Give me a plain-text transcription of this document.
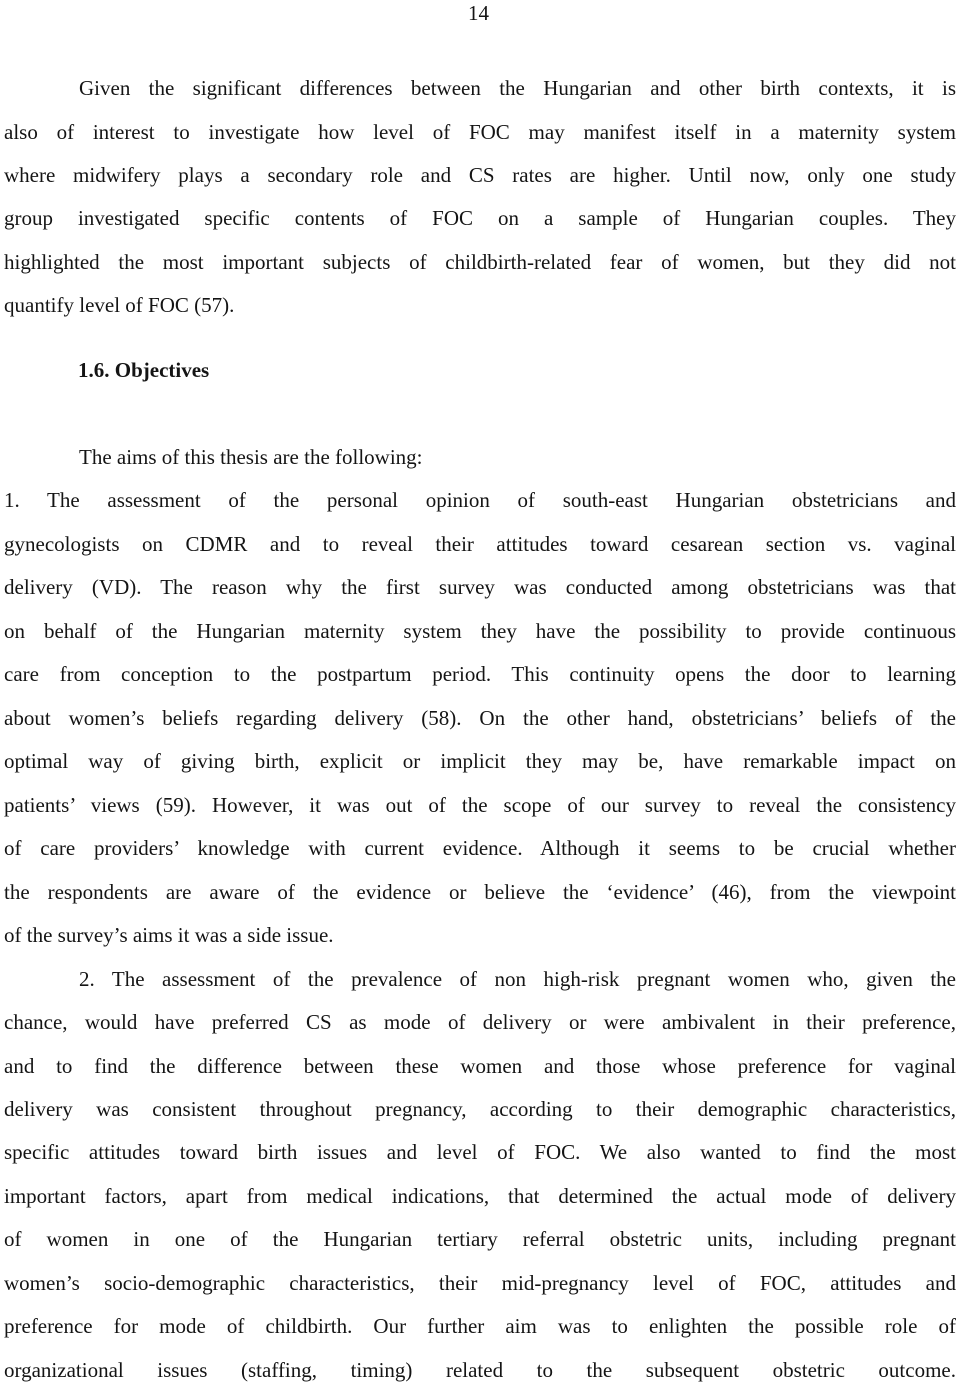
14
Given the significant differences between the Hungarian and other birth contexts, it is
also of interest to investigate how level of FOC may manifest itself in a maternity system
where midwifery plays a secondary role and CS rates are higher. Until now, only one study
group investigated specific contents of FOC on a sample of Hungarian couples. They
highlighted the most important subjects of childbirth-related fear of women, but they did not
quantify level of FOC (57).
1.6. Objectives
The aims of this thesis are the following:
1. The assessment of the personal opinion of south-east Hungarian obstetricians and
gynecologists on CDMR and to reveal their attitudes toward cesarean section vs. vaginal
delivery (VD). The reason why the first survey was conducted among obstetricians was that
on behalf of the Hungarian maternity system they have the possibility to provide continuous
care from conception to the postpartum period. This continuity opens the door to learning
about women’s beliefs regarding delivery (58). On the other hand, obstetricians’ beliefs of the
optimal way of giving birth, explicit or implicit they may be, have remarkable impact on
patients’ views (59). However, it was out of the scope of our survey to reveal the consistency
of care providers’ knowledge with current evidence. Although it seems to be crucial whether
the respondents are aware of the evidence or believe the ‘evidence’ (46), from the viewpoint
of the survey’s aims it was a side issue.
2. The assessment of the prevalence of non high-risk pregnant women who, given the
chance, would have preferred CS as mode of delivery or were ambivalent in their preference,
and to find the difference between these women and those whose preference for vaginal
delivery was consistent throughout pregnancy, according to their demographic characteristics,
specific attitudes toward birth issues and level of FOC. We also wanted to find the most
important factors, apart from medical indications, that determined the actual mode of delivery
of women in one of the Hungarian tertiary referral obstetric units, including pregnant
women’s socio-demographic characteristics, their mid-pregnancy level of FOC, attitudes and
preference for mode of childbirth. Our further aim was to enlighten the possible role of
organizational issues (staffing, timing) related to the subsequent obstetric outcome.
